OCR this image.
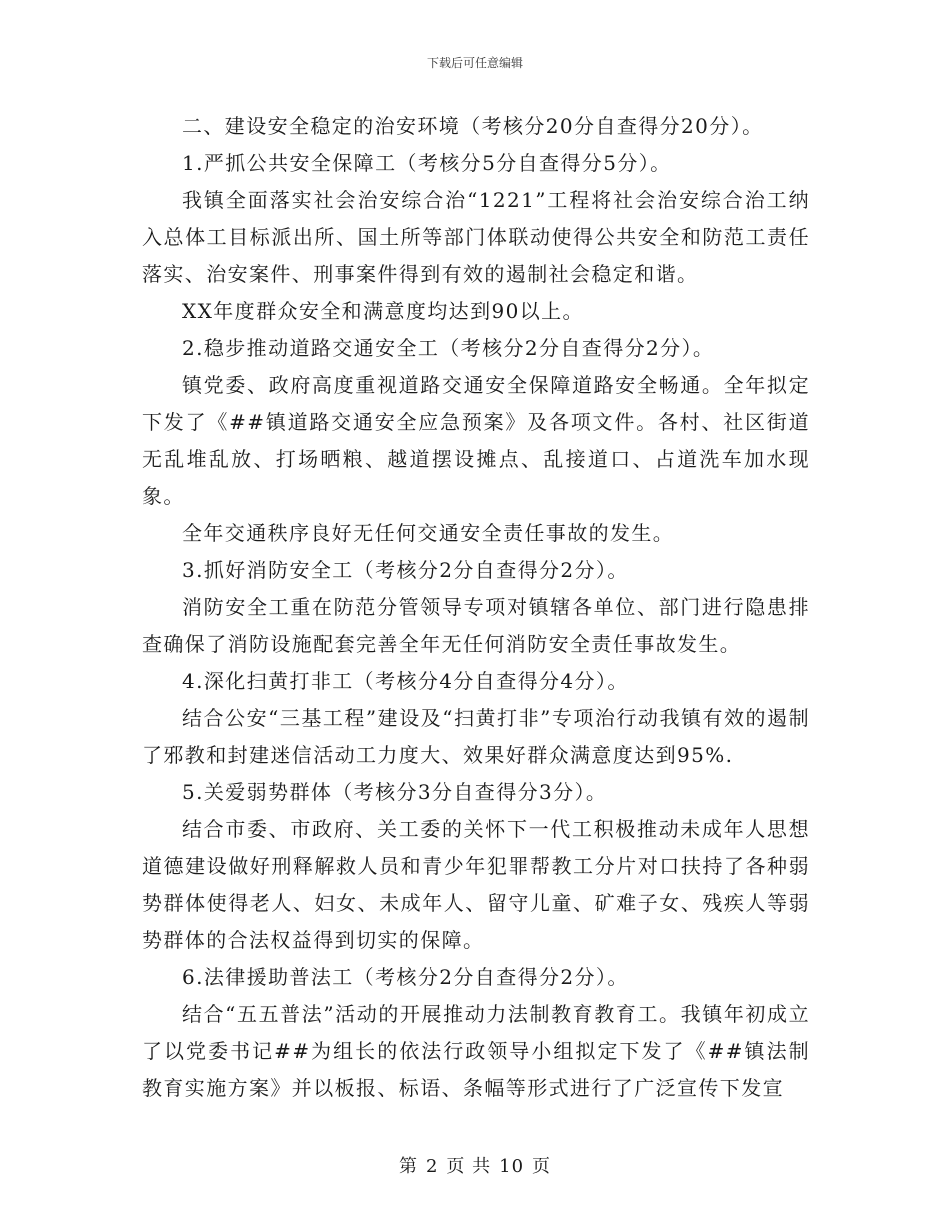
下载后可任意编辑

二、建设安全稳定的治安环境（考核分20分自查得分20分）。

1.严抓公共安全保障工（考核分5分自查得分5分）。

我镇全面落实社会治安综合治“1221”工程将社会治安综合治工纳入总体工目标派出所、国土所等部门体联动使得公共安全和防范工责任落实、治安案件、刑事案件得到有效的遏制社会稳定和谐。

XX年度群众安全和满意度均达到90以上。

2.稳步推动道路交通安全工（考核分2分自查得分2分）。

镇党委、政府高度重视道路交通安全保障道路安全畅通。全年拟定下发了《##镇道路交通安全应急预案》及各项文件。各村、社区街道无乱堆乱放、打场晒粮、越道摆设摊点、乱接道口、占道洗车加水现象。

全年交通秩序良好无任何交通安全责任事故的发生。

3.抓好消防安全工（考核分2分自查得分2分）。

消防安全工重在防范分管领导专项对镇辖各单位、部门进行隐患排查确保了消防设施配套完善全年无任何消防安全责任事故发生。

4.深化扫黄打非工（考核分4分自查得分4分）。

结合公安“三基工程”建设及“扫黄打非”专项治行动我镇有效的遏制了邪教和封建迷信活动工力度大、效果好群众满意度达到95%.

5.关爱弱势群体（考核分3分自查得分3分）。

结合市委、市政府、关工委的关怀下一代工积极推动未成年人思想道德建设做好刑释解救人员和青少年犯罪帮教工分片对口扶持了各种弱势群体使得老人、妇女、未成年人、留守儿童、矿难子女、残疾人等弱势群体的合法权益得到切实的保障。

6.法律援助普法工（考核分2分自查得分2分）。

结合“五五普法”活动的开展推动力法制教育教育工。我镇年初成立了以党委书记##为组长的依法行政领导小组拟定下发了《##镇法制教育实施方案》并以板报、标语、条幅等形式进行了广泛宣传下发宣

第 2 页 共 10 页
